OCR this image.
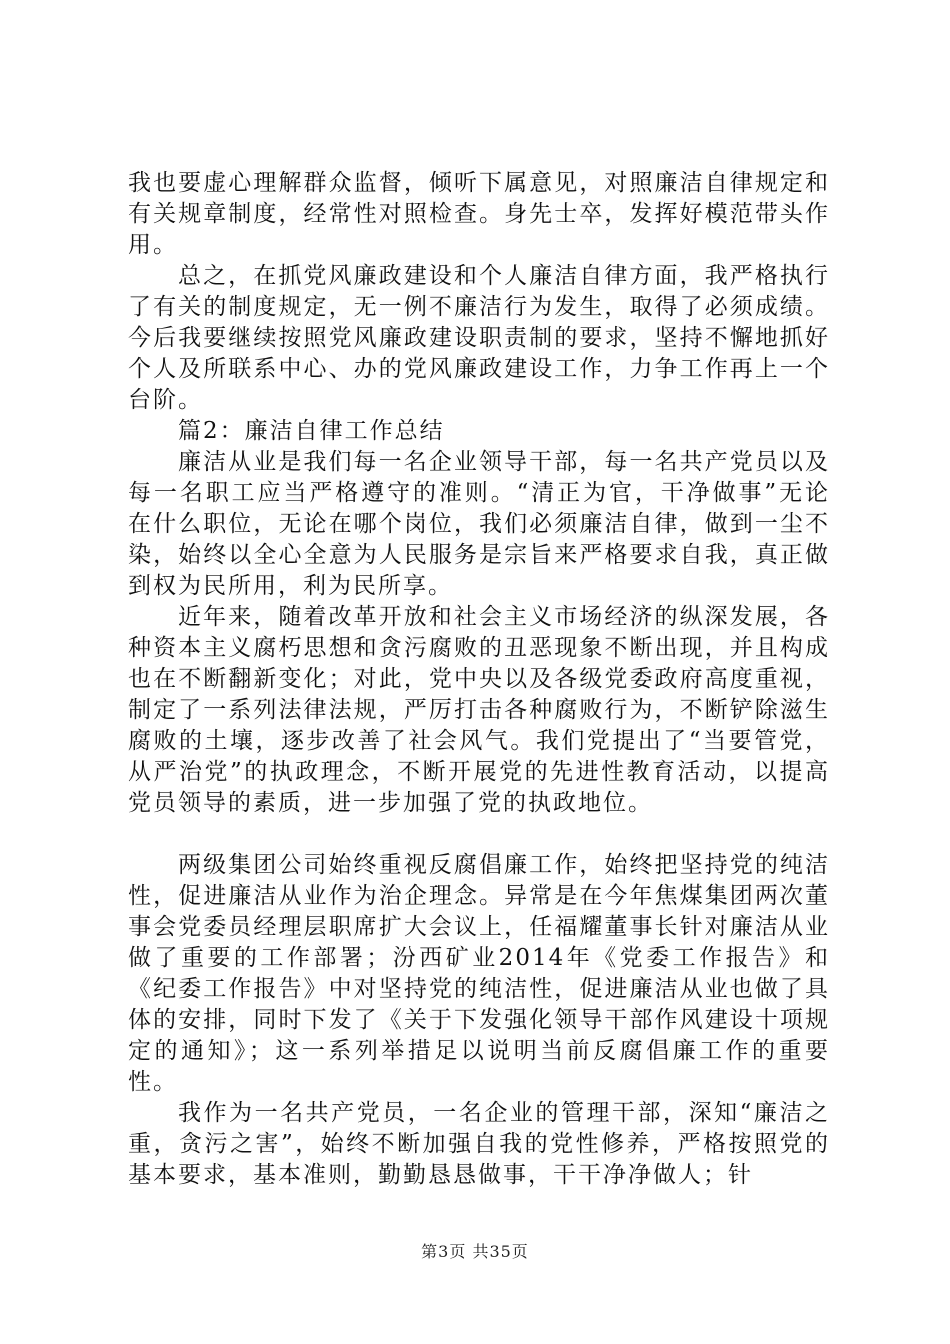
我也要虚心理解群众监督，倾听下属意见，对照廉洁自律规定和有关规章制度，经常性对照检查。身先士卒，发挥好模范带头作用。

总之，在抓党风廉政建设和个人廉洁自律方面，我严格执行了有关的制度规定，无一例不廉洁行为发生，取得了必须成绩。今后我要继续按照党风廉政建设职责制的要求，坚持不懈地抓好个人及所联系中心、办的党风廉政建设工作，力争工作再上一个台阶。

篇2：廉洁自律工作总结

廉洁从业是我们每一名企业领导干部，每一名共产党员以及每一名职工应当严格遵守的准则。“清正为官，干净做事”无论在什么职位，无论在哪个岗位，我们必须廉洁自律，做到一尘不染，始终以全心全意为人民服务是宗旨来严格要求自我，真正做到权为民所用，利为民所享。

近年来，随着改革开放和社会主义市场经济的纵深发展，各种资本主义腐朽思想和贪污腐败的丑恶现象不断出现，并且构成也在不断翻新变化；对此，党中央以及各级党委政府高度重视，制定了一系列法律法规，严厉打击各种腐败行为，不断铲除滋生腐败的土壤，逐步改善了社会风气。我们党提出了“当要管党，从严治党”的执政理念，不断开展党的先进性教育活动，以提高党员领导的素质，进一步加强了党的执政地位。

两级集团公司始终重视反腐倡廉工作，始终把坚持党的纯洁性，促进廉洁从业作为治企理念。异常是在今年焦煤集团两次董事会党委员经理层职席扩大会议上，任福耀董事长针对廉洁从业做了重要的工作部署；汾西矿业2014年《党委工作报告》和《纪委工作报告》中对坚持党的纯洁性，促进廉洁从业也做了具体的安排，同时下发了《关于下发强化领导干部作风建设十项规定的通知》；这一系列举措足以说明当前反腐倡廉工作的重要性。

我作为一名共产党员，一名企业的管理干部，深知“廉洁之重，贪污之害”，始终不断加强自我的党性修养，严格按照党的基本要求，基本准则，勤勤恳恳做事，干干净净做人；针

第3页 共35页
